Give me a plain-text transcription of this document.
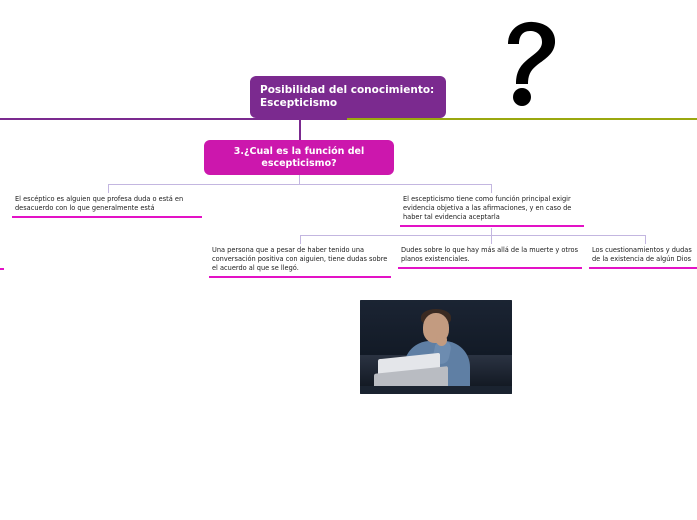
Posibilidad del conocimiento: Escepticismo
3.¿Cual es la función del escepticismo?
El escéptico es alguien que profesa duda o está en desacuerdo con lo que generalmente está
El escepticismo tiene como función principal exigir evidencia objetiva a las afirmaciones, y en caso de haber tal evidencia aceptarla
Una persona que a pesar de haber tenido una conversación positiva con aiguien, tiene dudas sobre el acuerdo al que se llegó.
Dudes sobre lo que hay más allá de la muerte y otros planos existenciales.
Los cuestionamientos y dudas de la existencia de algún Dios
